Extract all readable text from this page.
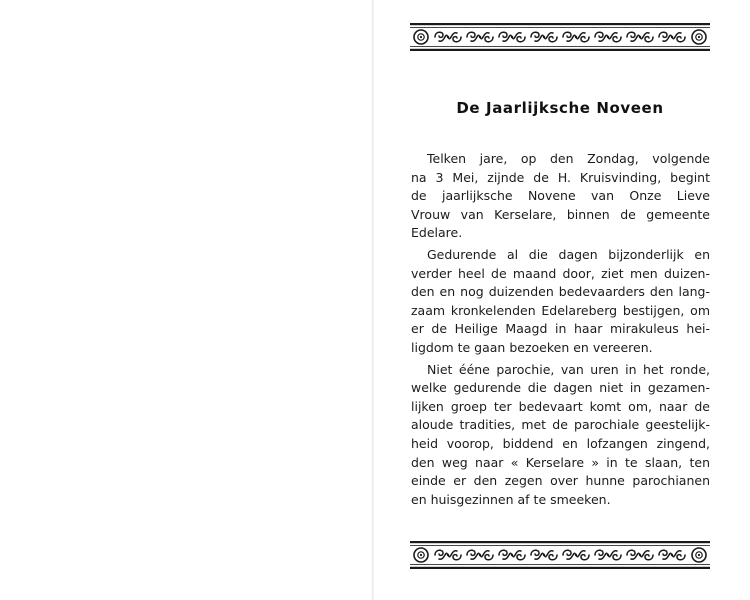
De Jaarlijksche Noveen

Telken jare, op den Zondag, volgende
na 3 Mei, zijnde de H. Kruisvinding, begint
de jaarlijksche Novene van Onze Lieve
Vrouw van Kerselare, binnen de gemeente
Edelare.

Gedurende al die dagen bijzonderlijk en
verder heel de maand door, ziet men duizen-
den en nog duizenden bedevaarders den lang-
zaam kronkelenden Edelareberg bestijgen, om
er de Heilige Maagd in haar mirakuleus hei-
ligdom te gaan bezoeken en vereeren.

Niet ééne parochie, van uren in het ronde,
welke gedurende die dagen niet in gezamen-
lijken groep ter bedevaart komt om, naar de
aloude tradities, met de parochiale geestelijk-
heid voorop, biddend en lofzangen zingend,
den weg naar « Kerselare » in te slaan, ten
einde er den zegen over hunne parochianen
en huisgezinnen af te smeeken.
